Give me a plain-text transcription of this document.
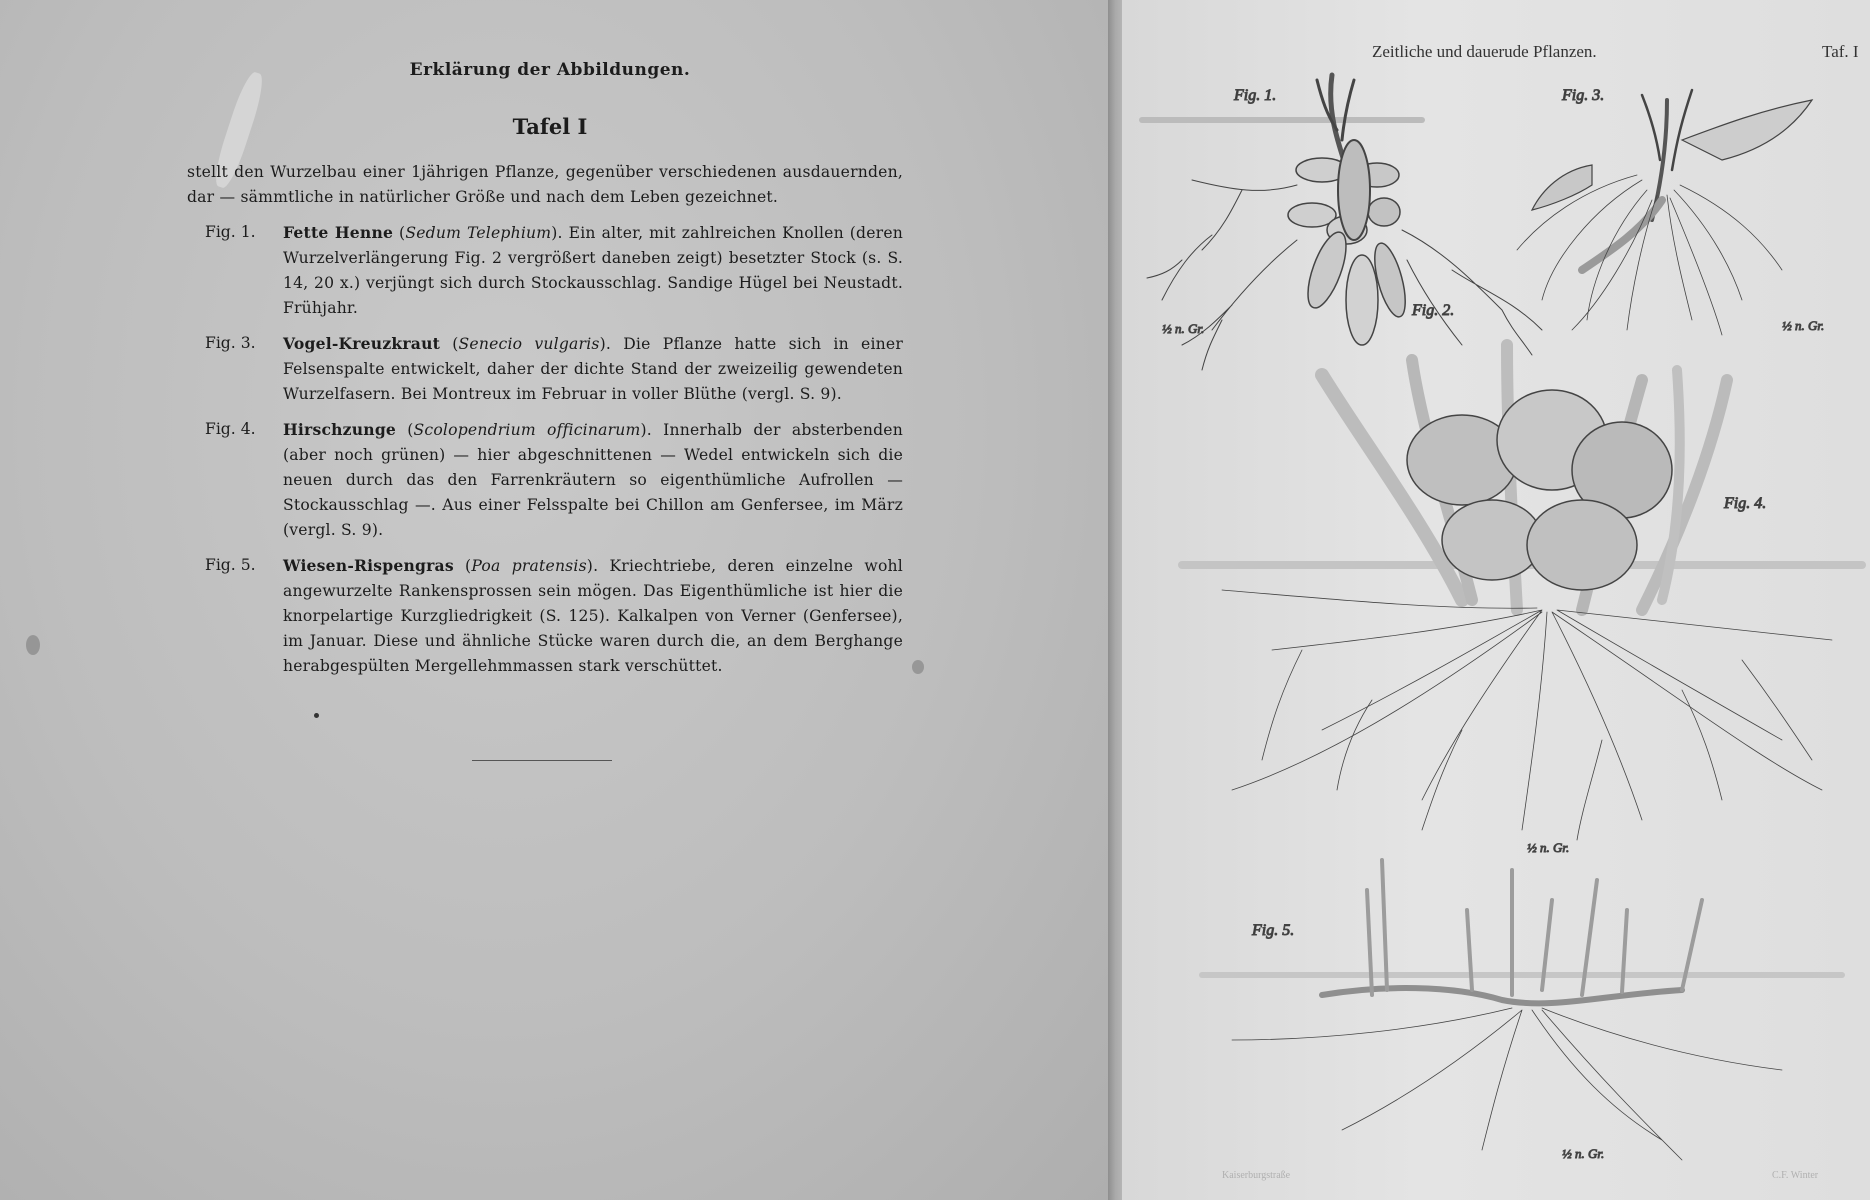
Erklärung der Abbildungen.
Tafel I
stellt den Wurzelbau einer 1jährigen Pflanze, gegenüber verschiedenen ausdauernden, dar — sämmtliche in natürlicher Größe und nach dem Leben gezeichnet.
Fig. 1.	Fette Henne (Sedum Telephium). Ein alter, mit zahlreichen Knollen (deren Wurzelverlängerung Fig. 2 vergrößert daneben zeigt) besetzter Stock (s. S. 14, 20 x.) verjüngt sich durch Stockausschlag. Sandige Hügel bei Neustadt. Frühjahr.
Fig. 3.	Vogel-Kreuzkraut (Senecio vulgaris). Die Pflanze hatte sich in einer Felsenspalte entwickelt, daher der dichte Stand der zweizeilig gewendeten Wurzelfasern. Bei Montreux im Februar in voller Blüthe (vergl. S. 9).
Fig. 4.	Hirschzunge (Scolopendrium officinarum). Innerhalb der absterbenden (aber noch grünen) — hier abgeschnittenen — Wedel entwickeln sich die neuen durch das den Farrenkräutern so eigenthümliche Aufrollen — Stockausschlag —. Aus einer Felsspalte bei Chillon am Genfersee, im März (vergl. S. 9).
Fig. 5.	Wiesen-Rispengras (Poa pratensis). Kriechtriebe, deren einzelne wohl angewurzelte Rankensprossen sein mögen. Das Eigenthümliche ist hier die knorpelartige Kurzgliedrigkeit (S. 125). Kalkalpen von Verner (Genfersee), im Januar. Diese und ähnliche Stücke waren durch die, an dem Berghange herabgespülten Mergellehmmassen stark verschüttet.
Zeitliche und dauerude Pflanzen.	Taf. I
Fig. 1.
½ n. Gr.
Fig. 2.
Fig. 3.
½ n. Gr.
Fig. 4.
½ n. Gr.
Fig. 5.
½ n. Gr.
Kaiserburgstraße	C.F. Winter
